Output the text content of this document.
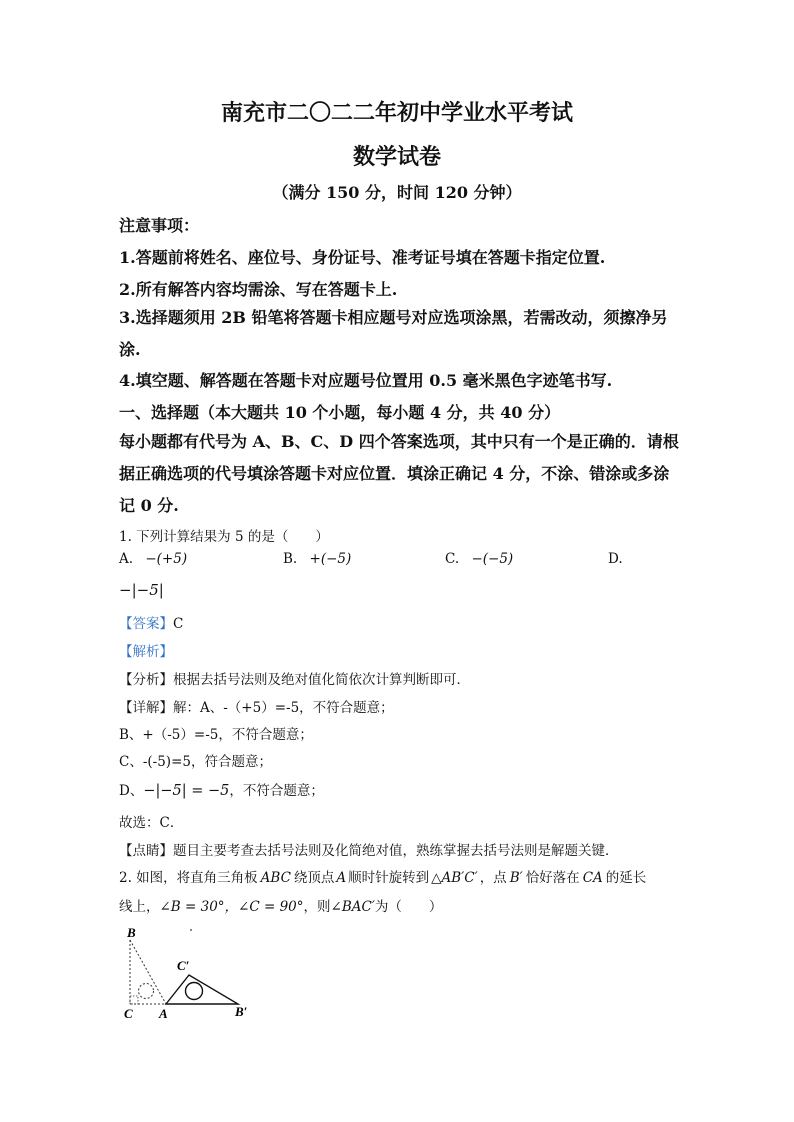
南充市二〇二二年初中学业水平考试
数学试卷
（满分 150 分，时间 120 分钟）
注意事项：
1.答题前将姓名、座位号、身份证号、准考证号填在答题卡指定位置.
2.所有解答内容均需涂、写在答题卡上.
3.选择题须用 2B 铅笔将答题卡相应题号对应选项涂黑，若需改动，须擦净另
涂.
4.填空题、解答题在答题卡对应题号位置用 0.5 毫米黑色字迹笔书写.
一、选择题（本大题共 10 个小题，每小题 4 分，共 40 分）
每小题都有代号为 A、B、C、D 四个答案选项，其中只有一个是正确的．请根
据正确选项的代号填涂答题卡对应位置．填涂正确记 4 分，不涂、错涂或多涂
记 0 分.
1. 下列计算结果为 5 的是（　　）
A. −(+5)	B. +(−5)	C. −(−5)	D.
−|−5|
【答案】C
【解析】
【分析】根据去括号法则及绝对值化简依次计算判断即可．
【详解】解：A、-（+5）=-5，不符合题意；
B、+（-5）=-5，不符合题意；
C、-(-5)=5，符合题意；
D、−|−5| = −5，不符合题意；
故选：C．
【点睛】题目主要考查去括号法则及化简绝对值，熟练掌握去括号法则是解题关键．
2. 如图，将直角三角板 ABC 绕顶点 A 顺时针旋转到 △AB′C′ ，点 B′ 恰好落在 CA 的延长
线上，∠B = 30°，∠C = 90°，则∠BAC′为（　　）
B
C′
C A	B′
